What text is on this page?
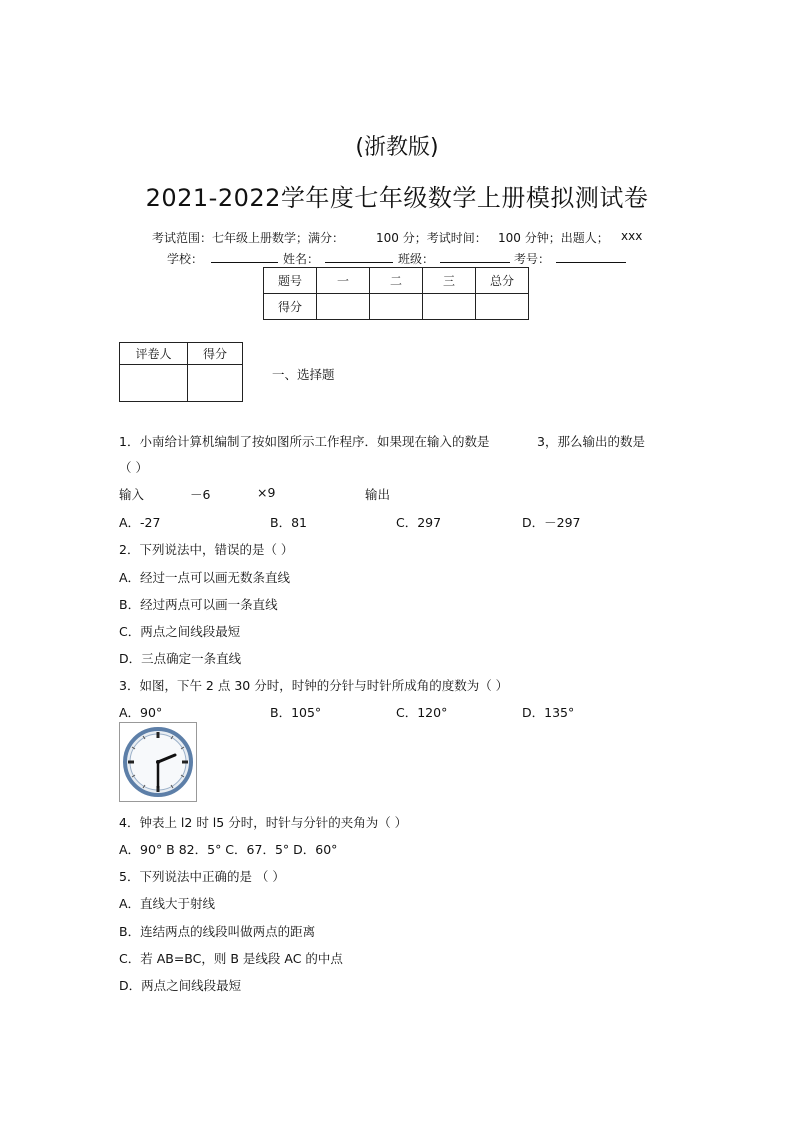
(浙教版)
2021-2022学年度七年级数学上册模拟测试卷
考试范围：七年级上册数学；满分：	100 分；考试时间： 100 分钟；出题人； xxx
学校：	姓名：	班级：	考号：
题号	一	二	三	总分
得分				
评卷人	得分

一、选择题
1．小南给计算机编制了按如图所示工作程序．如果现在输入的数是	3，那么输出的数是
（ ）
输入	－6	×9	输出
A．-27	B．81	C．297	D．－297
2．下列说法中，错误的是（ ）
A．经过一点可以画无数条直线
B．经过两点可以画一条直线
C．两点之间线段最短
D．三点确定一条直线
3．如图，下午 2 点 30 分时，时钟的分针与时针所成角的度数为（ ）
A．90°	B．105°	C．120°	D．135°
4．钟表上 l2 时 l5 分时，时针与分针的夹角为（ ）
A．90° B 82．5° C．67．5° D．60°
5．下列说法中正确的是 （ ）
A．直线大于射线
B．连结两点的线段叫做两点的距离
C．若 AB=BC，则 B 是线段 AC 的中点
D．两点之间线段最短
